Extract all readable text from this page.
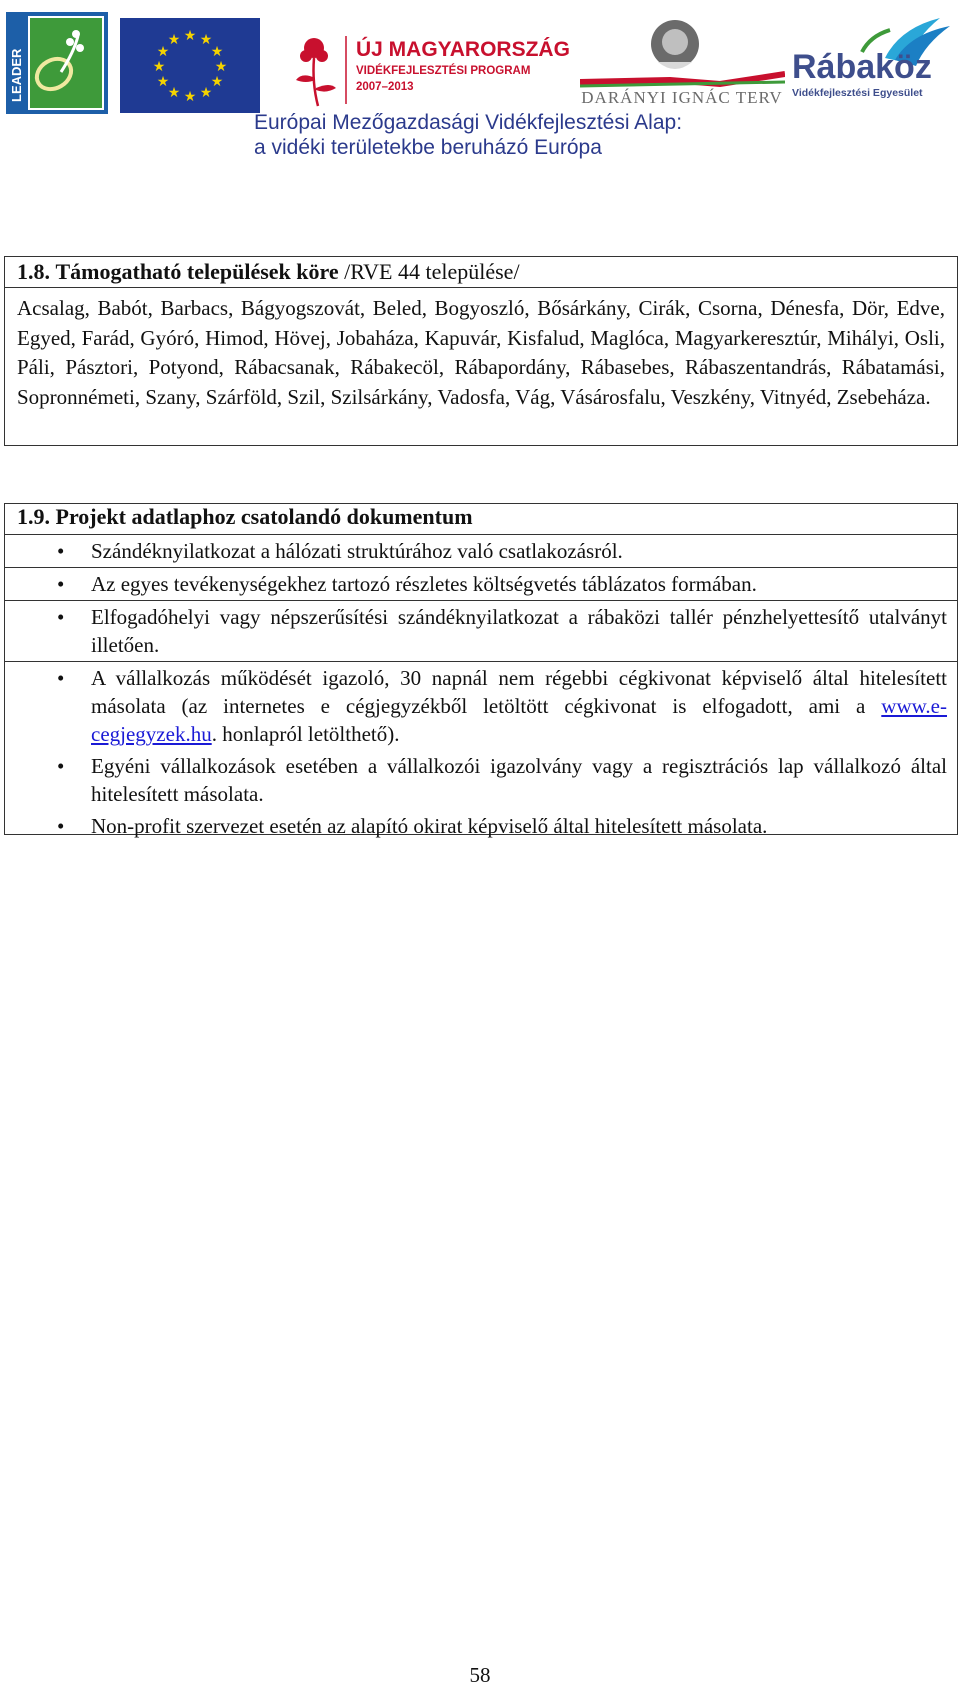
LEADER
★ ★
★
★
★
★
★
★
★
★
★
★	ÚJ MAGYARORSZÁG
VIDÉKFEJLESZTÉSI PROGRAM
2007–2013
DARÁNYI IGNÁC TERV
Rábaköz
Vidékfejlesztési Egyesület
Európai Mezőgazdasági Vidékfejlesztési Alap:
a vidéki területekbe beruházó Európa
1.8. Támogatható települések köre /RVE 44 települése/
Acsalag, Babót, Barbacs, Bágyogszovát, Beled, Bogyoszló, Bősárkány, Cirák, Csorna, Dénesfa, Dör, Edve, Egyed, Farád, Gyóró, Himod, Hövej, Jobaháza, Kapuvár, Kisfalud, Maglóca, Magyarkeresztúr, Mihályi, Osli, Páli, Pásztori, Potyond, Rábacsanak, Rábakecöl, Rábapordány, Rábasebes, Rábaszentandrás, Rábatamási, Sopronnémeti, Szany, Szárföld, Szil, Szilsárkány, Vadosfa, Vág, Vásárosfalu, Veszkény, Vitnyéd, Zsebeháza.
1.9. Projekt adatlaphoz csatolandó dokumentum
• Szándéknyilatkozat a hálózati struktúrához való csatlakozásról.
• Az egyes tevékenységekhez tartozó részletes költségvetés táblázatos formában.
• Elfogadóhelyi vagy népszerűsítési szándéknyilatkozat a rábaközi tallér pénzhelyettesítő utalványt illetően.
• A vállalkozás működését igazoló, 30 napnál nem régebbi cégkivonat képviselő által hitelesített másolata (az internetes e cégjegyzékből letöltött cégkivonat is elfogadott, ami a www.e-cegjegyzek.hu. honlapról letölthető).
• Egyéni vállalkozások esetében a vállalkozói igazolvány vagy a regisztrációs lap vállalkozó által hitelesített másolata.
• Non-profit szervezet esetén az alapító okirat képviselő által hitelesített másolata.
58
